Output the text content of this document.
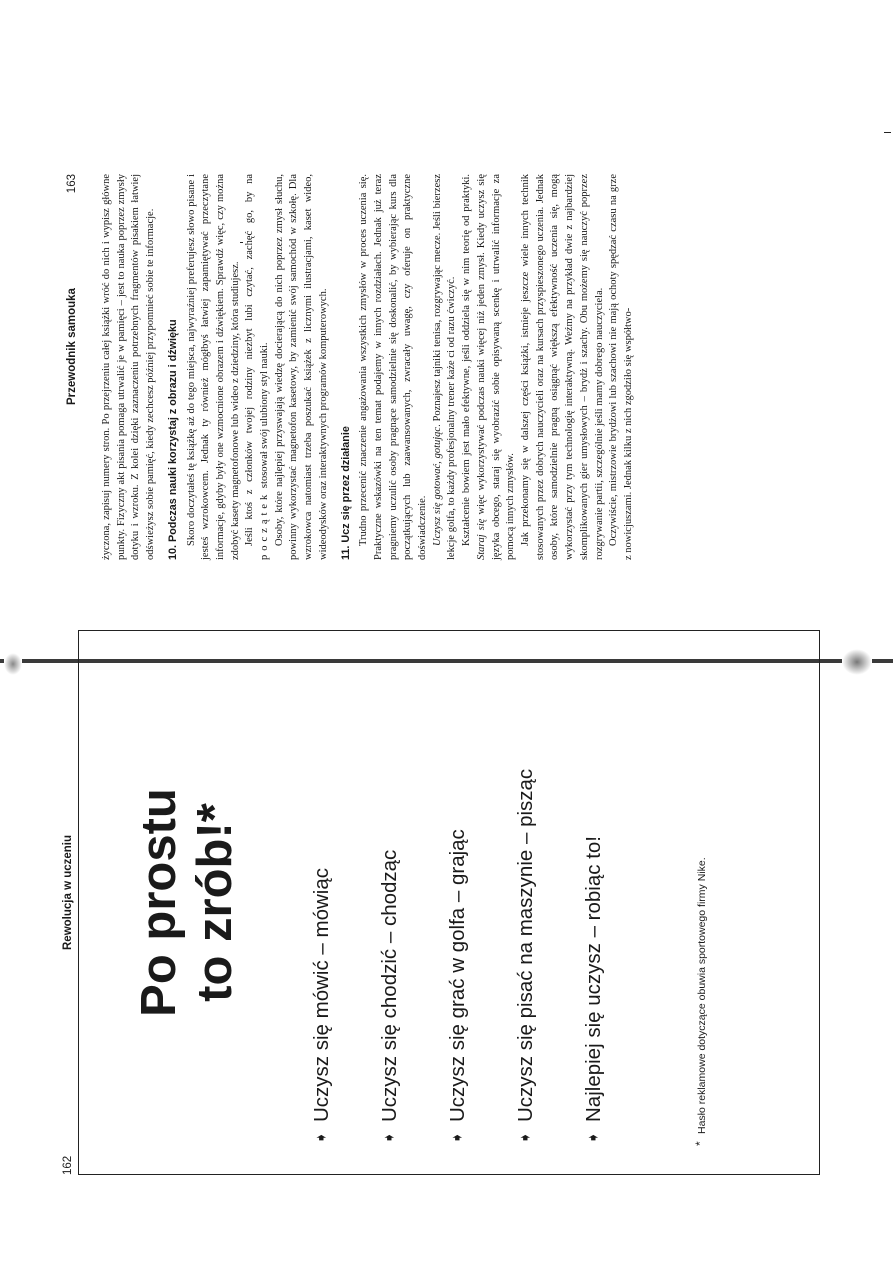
162
Rewolucja w uczeniu Po prostu to zrób!*
➧
Uczysz się mówić – mówiąc
➧
Uczysz się chodzić – chodząc
➧
Uczysz się grać w golfa – grając
➧
Uczysz się pisać na maszynie – pisząc
➧
Najlepiej się uczysz – robiąc to!
*
Hasło reklamowe dotyczące obuwia sportowego firmy Nike.
Przewodnik samouka
163 życzona, zapisuj numery stron. Po przejrzeniu całej książki wróć do nich i wypisz główne punkty. Fizyczny akt pisania pomaga utrwalić je w pamięci – jest to nauka poprzez zmysły dotyku i wzroku. Z kolei dzięki zaznaczeniu potrzebnych fragmentów pisakiem łatwiej odświeżysz sobie pamięć, kiedy zechcesz później przypomnieć sobie te informacje. 10. Podczas nauki korzystaj z obrazu i dźwięku Skoro doczytałeś tę książkę aż do tego miejsca, najwyraźniej preferujesz słowo pisane i jesteś wzrokowcem. Jednak ty również mógłbyś łatwiej zapamiętywać przeczytane informacje, gdyby były one wzmocnione obrazem i dźwiękiem. Sprawdź więc, czy można zdobyć kasety magnetofonowe lub wideo z dziedziny, która studiujesz. Jeśli ktoś z członków twojej rodziny niezbyt lubi czytać, zachęć go, by na początek stosował swój ulubiony styl nauki. Osoby, które najlepiej przyswajają wiedzę docierającą do nich poprzez zmysł słuchu, powinny wykorzystać magnetofon kasetowy, by zamienić swój samochód w szkołę. Dla wzrokowca natomiast trzeba poszukać książek z licznymi ilustracjami, kaset wideo, wideodysków oraz interaktywnych programów komputerowych. 11. Ucz się przez działanie Trudno przecenić znaczenie angażowania wszystkich zmysłów w proces uczenia się. Praktyczne wskazówki na ten temat podajemy w innych rozdziałach. Jednak już teraz pragniemy uczulić osoby pragnące samodzielnie się doskonalić, by wybierając kurs dla początkujących lub zaawansowanych, zwracały uwagę, czy oferuje on praktyczne doświadczenie. Uczysz się gotować, gotując. Poznajesz tajniki tenisa, rozgrywając mecze. Jeśli bierzesz lekcje golfa, to każdy profesjonalny trener każe ci od razu ćwiczyć. Kształcenie bowiem jest mało efektywne, jeśli oddziela się w nim teorię od praktyki. Staraj się więc wykorzystywać podczas nauki więcej niż jeden zmysł. Kiedy uczysz się języka obcego, staraj się wyobrazić sobie opisywaną scenkę i utrwalić informacje za pomocą innych zmysłów. Jak przekonamy się w dalszej części książki, istnieje jeszcze wiele innych technik stosowanych przez dobrych nauczycieli oraz na kursach przyspieszonego uczenia. Jednak osoby, które samodzielnie pragną osiągnąć większą efektywność uczenia się, mogą wykorzystać przy tym technologię interaktywną. Weźmy na przykład dwie z najbardziej skomplikowanych gier umysłowych – brydż i szachy. Obu możemy się nauczyć poprzez rozgrywanie partii, szczególnie jeśli mamy dobrego nauczyciela. Oczywiście, mistrzowie brydżowi lub szachowi nie mają ochoty spędzać czasu na grze z nowicjuszami. Jednak kilku z nich zgodziło się współtwo-
